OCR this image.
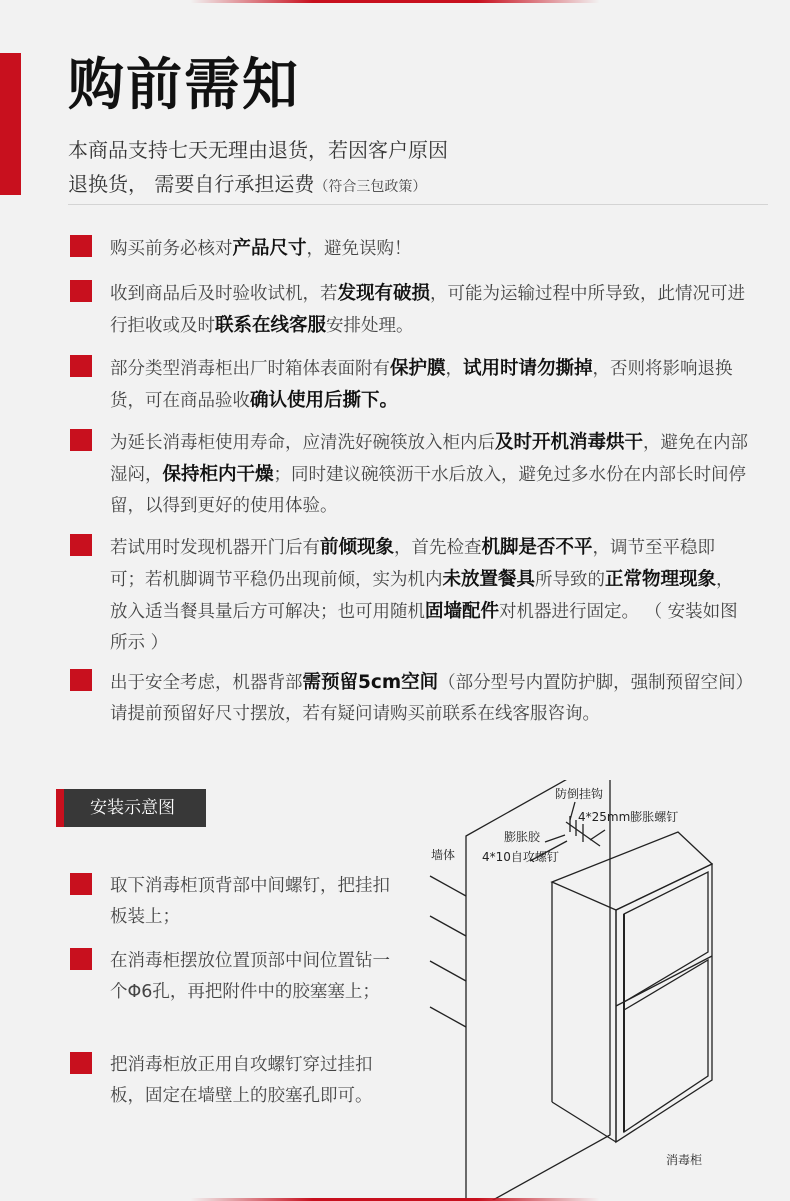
购前需知
本商品支持七天无理由退货，若因客户原因
退换货， 需要自行承担运费（符合三包政策）
购买前务必核对产品尺寸，避免误购！
收到商品后及时验收试机，若发现有破损，可能为运输过程中所导致，此情况可进行拒收或及时联系在线客服安排处理。
部分类型消毒柜出厂时箱体表面附有保护膜，试用时请勿撕掉，否则将影响退换货，可在商品验收确认使用后撕下。
为延长消毒柜使用寿命，应清洗好碗筷放入柜内后及时开机消毒烘干，避免在内部湿闷，保持柜内干燥；同时建议碗筷沥干水后放入，避免过多水份在内部长时间停留，以得到更好的使用体验。
若试用时发现机器开门后有前倾现象，首先检查机脚是否不平，调节至平稳即可；若机脚调节平稳仍出现前倾，实为机内未放置餐具所导致的正常物理现象，放入适当餐具量后方可解决；也可用随机固墙配件对机器进行固定。 （ 安装如图所示 ）
出于安全考虑，机器背部需预留5cm空间（部分型号内置防护脚，强制预留空间）请提前预留好尺寸摆放，若有疑问请购买前联系在线客服咨询。
安装示意图
取下消毒柜顶背部中间螺钉，把挂扣板装上；
在消毒柜摆放位置顶部中间位置钻一个Φ6孔，再把附件中的胶塞塞上；
把消毒柜放正用自攻螺钉穿过挂扣板，固定在墙壁上的胶塞孔即可。
防倒挂钩
4*25mm膨胀螺钉
膨胀胶
墙体 4*10自攻螺钉
消毒柜
